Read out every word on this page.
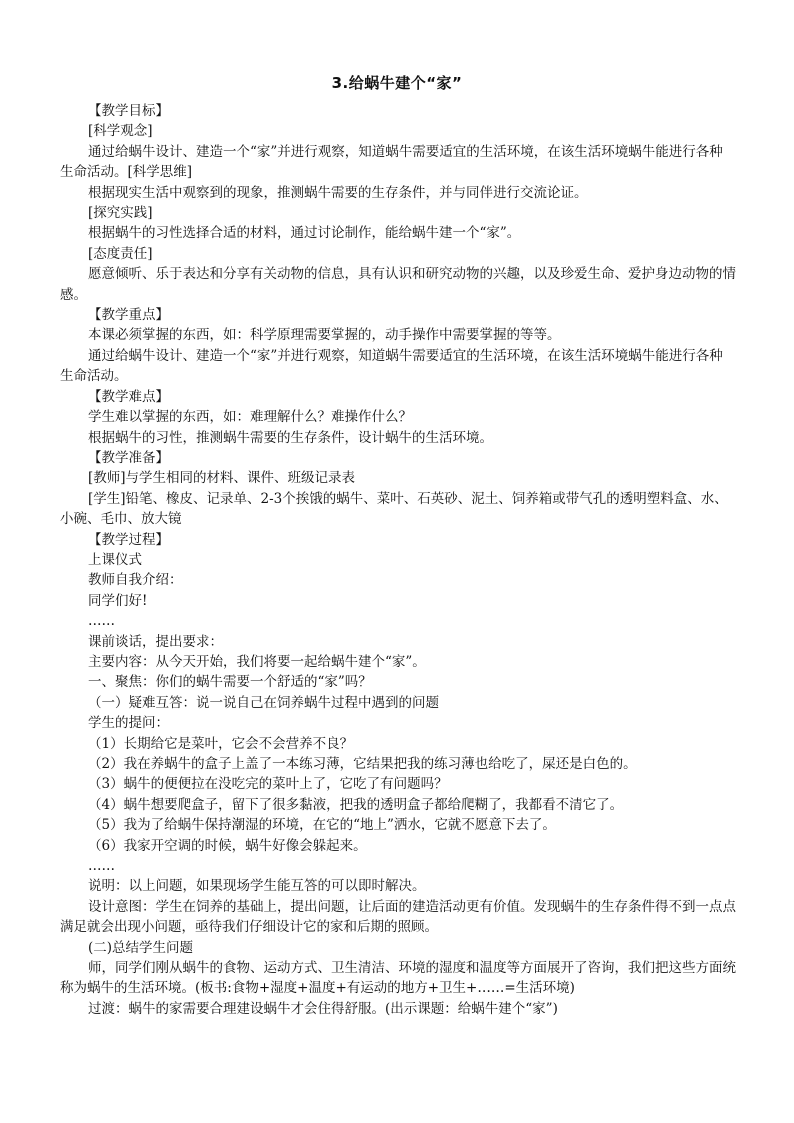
3.给蜗牛建个“家”

【教学目标】

[科学观念]

通过给蜗牛设计、建造一个“家”并进行观察，知道蜗牛需要适宜的生活环境，在该生活环境蜗牛能进行各种生命活动。[科学思维]

根据现实生活中观察到的现象，推测蜗牛需要的生存条件，并与同伴进行交流论证。

[探究实践]

根据蜗牛的习性选择合适的材料，通过讨论制作，能给蜗牛建一个“家”。

[态度责任]

愿意倾听、乐于表达和分享有关动物的信息，具有认识和研究动物的兴趣，以及珍爱生命、爱护身边动物的情感。

【教学重点】

本课必须掌握的东西，如：科学原理需要掌握的，动手操作中需要掌握的等等。

通过给蜗牛设计、建造一个“家”并进行观察，知道蜗牛需要适宜的生活环境，在该生活环境蜗牛能进行各种生命活动。

【教学难点】

学生难以掌握的东西，如：难理解什么？难操作什么？

根据蜗牛的习性，推测蜗牛需要的生存条件，设计蜗牛的生活环境。

【教学准备】

[教师]与学生相同的材料、课件、班级记录表

[学生]铅笔、橡皮、记录单、2-3个挨饿的蜗牛、菜叶、石英砂、泥土、饲养箱或带气孔的透明塑料盒、水、小碗、毛巾、放大镜

【教学过程】

上课仪式

教师自我介绍：

同学们好!

……

课前谈话，提出要求：

主要内容：从今天开始，我们将要一起给蜗牛建个“家”。

一、聚焦：你们的蜗牛需要一个舒适的“家”吗？

（一）疑难互答：说一说自己在饲养蜗牛过程中遇到的问题

学生的提问：

（1）长期给它是菜叶，它会不会营养不良？

（2）我在养蜗牛的盒子上盖了一本练习薄，它结果把我的练习薄也给吃了，屎还是白色的。

（3）蜗牛的便便拉在没吃完的菜叶上了，它吃了有问题吗？

（4）蜗牛想要爬盒子，留下了很多黏液，把我的透明盒子都给爬糊了，我都看不清它了。

（5）我为了给蜗牛保持潮湿的环境，在它的“地上”洒水，它就不愿意下去了。

（6）我家开空调的时候，蜗牛好像会躲起来。

……

说明：以上问题，如果现场学生能互答的可以即时解决。

设计意图：学生在饲养的基础上，提出问题，让后面的建造活动更有价值。发现蜗牛的生存条件得不到一点点满足就会出现小问题，亟待我们仔细设计它的家和后期的照顾。

(二)总结学生问题

师，同学们刚从蜗牛的食物、运动方式、卫生清洁、环境的湿度和温度等方面展开了咨询，我们把这些方面统称为蜗牛的生活环境。(板书:食物+湿度+温度+有运动的地方+卫生+……=生活环境)

过渡：蜗牛的家需要合理建设蜗牛才会住得舒服。(出示课题：给蜗牛建个“家”)
